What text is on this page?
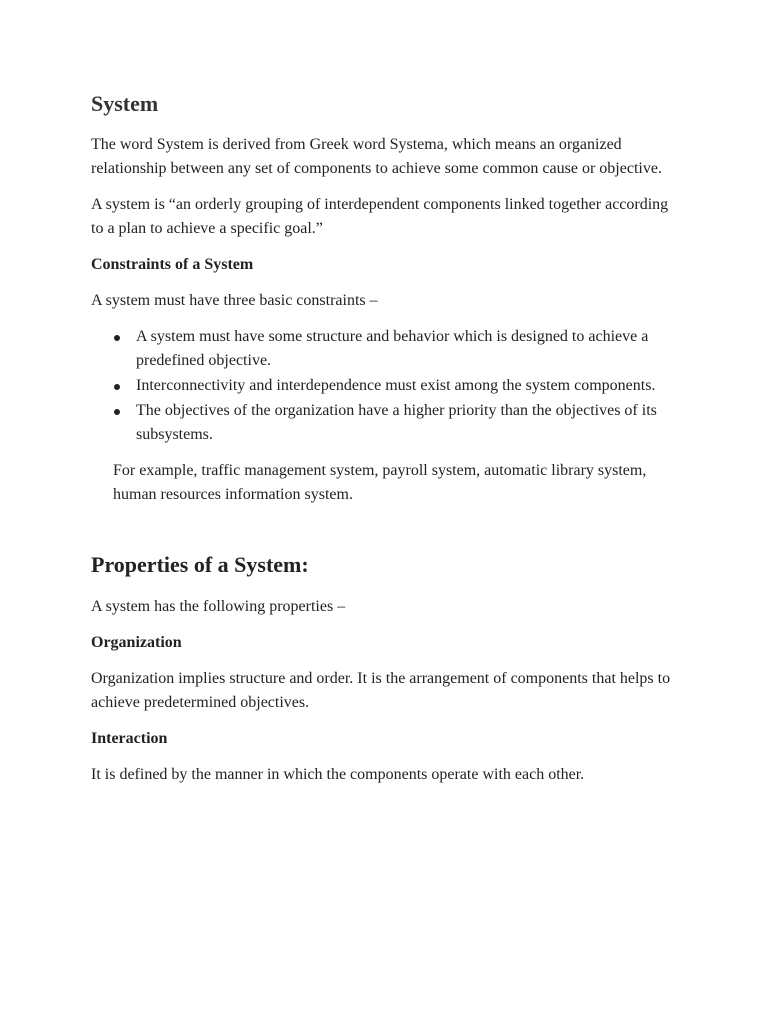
System

The word System is derived from Greek word Systema, which means an organized relationship between any set of components to achieve some common cause or objective.

A system is “an orderly grouping of interdependent components linked together according to a plan to achieve a specific goal.”

Constraints of a System

A system must have three basic constraints –

A system must have some structure and behavior which is designed to achieve a predefined objective.
Interconnectivity and interdependence must exist among the system components.
The objectives of the organization have a higher priority than the objectives of its subsystems.

For example, traffic management system, payroll system, automatic library system, human resources information system.

Properties of a System:

A system has the following properties –

Organization

Organization implies structure and order. It is the arrangement of components that helps to achieve predetermined objectives.

Interaction

It is defined by the manner in which the components operate with each other.
